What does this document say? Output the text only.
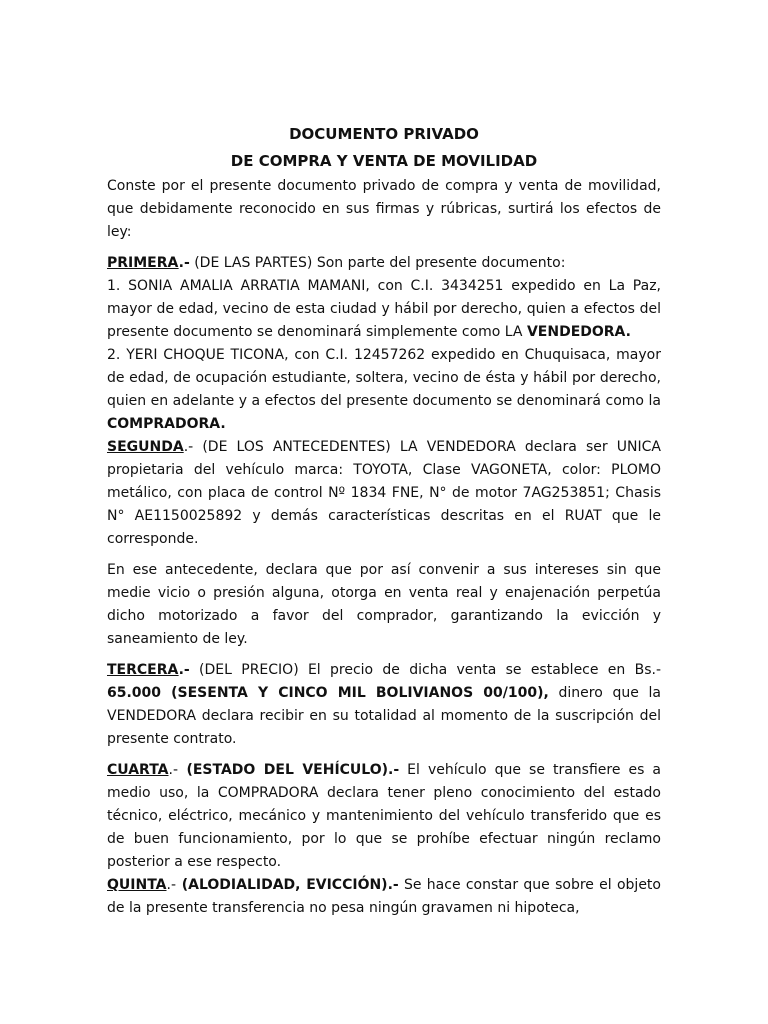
DOCUMENTO PRIVADO

DE COMPRA Y VENTA DE MOVILIDAD

Conste por el presente documento privado de compra y venta de movilidad, que debidamente reconocido en sus firmas y rúbricas, surtirá los efectos de ley:

PRIMERA.- (DE LAS PARTES) Son parte del presente documento:

1. SONIA AMALIA ARRATIA MAMANI, con C.I. 3434251 expedido en La Paz, mayor de edad, vecino de esta ciudad y hábil por derecho, quien a efectos del presente documento se denominará simplemente como LA VENDEDORA.

2. YERI CHOQUE TICONA, con C.I. 12457262 expedido en Chuquisaca, mayor de edad, de ocupación estudiante, soltera, vecino de ésta y hábil por derecho, quien en adelante y a efectos del presente documento se denominará como la COMPRADORA.

SEGUNDA.- (DE LOS ANTECEDENTES) LA VENDEDORA declara ser UNICA propietaria del vehículo marca: TOYOTA, Clase VAGONETA, color: PLOMO metálico, con placa de control Nº 1834 FNE, N° de motor 7AG253851; Chasis N° AE1150025892 y demás características descritas en el RUAT que le corresponde.

En ese antecedente, declara que por así convenir a sus intereses sin que medie vicio o presión alguna, otorga en venta real y enajenación perpetúa dicho motorizado a favor del comprador, garantizando la evicción y saneamiento de ley.

TERCERA.- (DEL PRECIO) El precio de dicha venta se establece en Bs.- 65.000 (SESENTA Y CINCO MIL BOLIVIANOS 00/100), dinero que la VENDEDORA declara recibir en su totalidad al momento de la suscripción del presente contrato.

CUARTA.- (ESTADO DEL VEHÍCULO).- El vehículo que se transfiere es a medio uso, la COMPRADORA declara tener pleno conocimiento del estado técnico, eléctrico, mecánico y mantenimiento del vehículo transferido que es de buen funcionamiento, por lo que se prohíbe efectuar ningún reclamo posterior a ese respecto.

QUINTA.- (ALODIALIDAD, EVICCIÓN).- Se hace constar que sobre el objeto de la presente transferencia no pesa ningún gravamen ni hipoteca,
